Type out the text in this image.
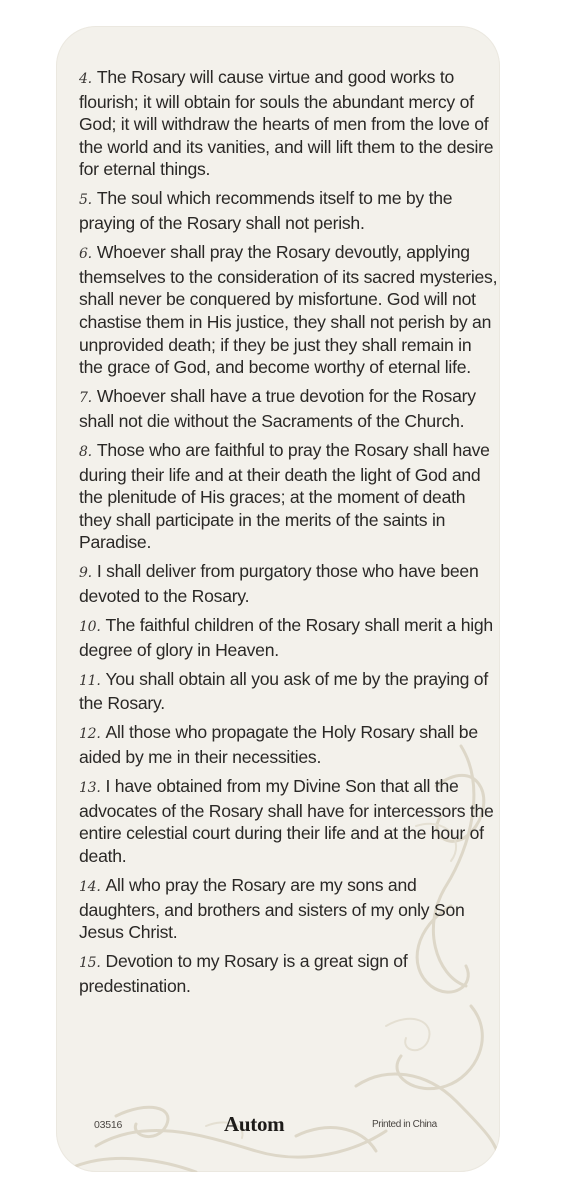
4. The Rosary will cause virtue and good works to flourish; it will obtain for souls the abundant mercy of God; it will withdraw the hearts of men from the love of the world and its vanities, and will lift them to the desire for eternal things.
5. The soul which recommends itself to me by the praying of the Rosary shall not perish.
6. Whoever shall pray the Rosary devoutly, applying themselves to the consideration of its sacred mysteries, shall never be conquered by misfortune. God will not chastise them in His justice, they shall not perish by an unprovided death; if they be just they shall remain in the grace of God, and become worthy of eternal life.
7. Whoever shall have a true devotion for the Rosary shall not die without the Sacraments of the Church.
8. Those who are faithful to pray the Rosary shall have during their life and at their death the light of God and the plenitude of His graces; at the moment of death they shall participate in the merits of the saints in Paradise.
9. I shall deliver from purgatory those who have been devoted to the Rosary.
10. The faithful children of the Rosary shall merit a high degree of glory in Heaven.
11. You shall obtain all you ask of me by the praying of the Rosary.
12. All those who propagate the Holy Rosary shall be aided by me in their necessities.
13. I have obtained from my Divine Son that all the advocates of the Rosary shall have for intercessors the entire celestial court during their life and at the hour of death.
14. All who pray the Rosary are my sons and daughters, and brothers and sisters of my only Son Jesus Christ.
15. Devotion to my Rosary is a great sign of predestination.
03516	Autom	Printed in China
